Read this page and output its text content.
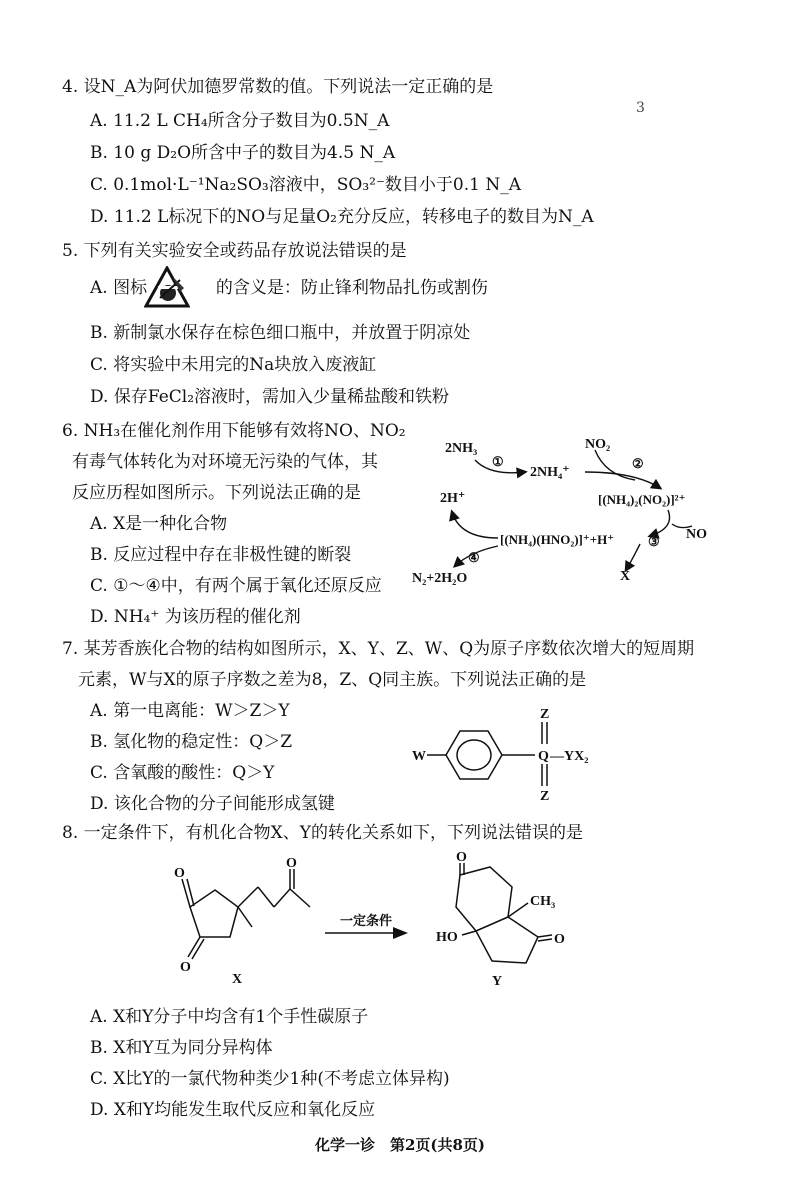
3
4. 设N_A为阿伏加德罗常数的值。下列说法一定正确的是
A. 11.2 L CH₄所含分子数目为0.5N_A
B. 10 g D₂O所含中子的数目为4.5 N_A
C. 0.1mol·L⁻¹Na₂SO₃溶液中，SO₃²⁻数目小于0.1 N_A
D. 11.2 L标况下的NO与足量O₂充分反应，转移电子的数目为N_A
5. 下列有关实验安全或药品存放说法错误的是
A. 图标	的含义是：防止锋利物品扎伤或割伤
B. 新制氯水保存在棕色细口瓶中，并放置于阴凉处
C. 将实验中未用完的Na块放入废液缸
D. 保存FeCl₂溶液时，需加入少量稀盐酸和铁粉
6. NH₃在催化剂作用下能够有效将NO、NO₂
有毒气体转化为对环境无污染的气体，其
反应历程如图所示。下列说法正确的是
A. X是一种化合物
B. 反应过程中存在非极性键的断裂
C. ①～④中，有两个属于氧化还原反应
D. NH₄⁺ 为该历程的催化剂
2NH₃
2NH₄⁺
NO₂
[(NH₄)₂(NO₂)]²⁺
[(NH₄)(HNO₂)]⁺+H⁺	NO
2H⁺
N₂+2H₂O	X
①	②
③
④
7. 某芳香族化合物的结构如图所示，X、Y、Z、W、Q为原子序数依次增大的短周期
元素，W与X的原子序数之差为8，Z、Q同主族。下列说法正确的是
A. 第一电离能：W＞Z＞Y
B. 氢化物的稳定性：Q＞Z
C. 含氧酸的酸性：Q＞Y
D. 该化合物的分子间能形成氢键
W	Q
Z
Z
—YX₂
8. 一定条件下，有机化合物X、Y的转化关系如下，下列说法错误的是
O
O
O
X
一定条件
O
CH₃
O
HO
Y
A. X和Y分子中均含有1个手性碳原子
B. X和Y互为同分异构体
C. X比Y的一氯代物种类少1种(不考虑立体异构)
D. X和Y均能发生取代反应和氧化反应
化学一诊　第2页(共8页)
